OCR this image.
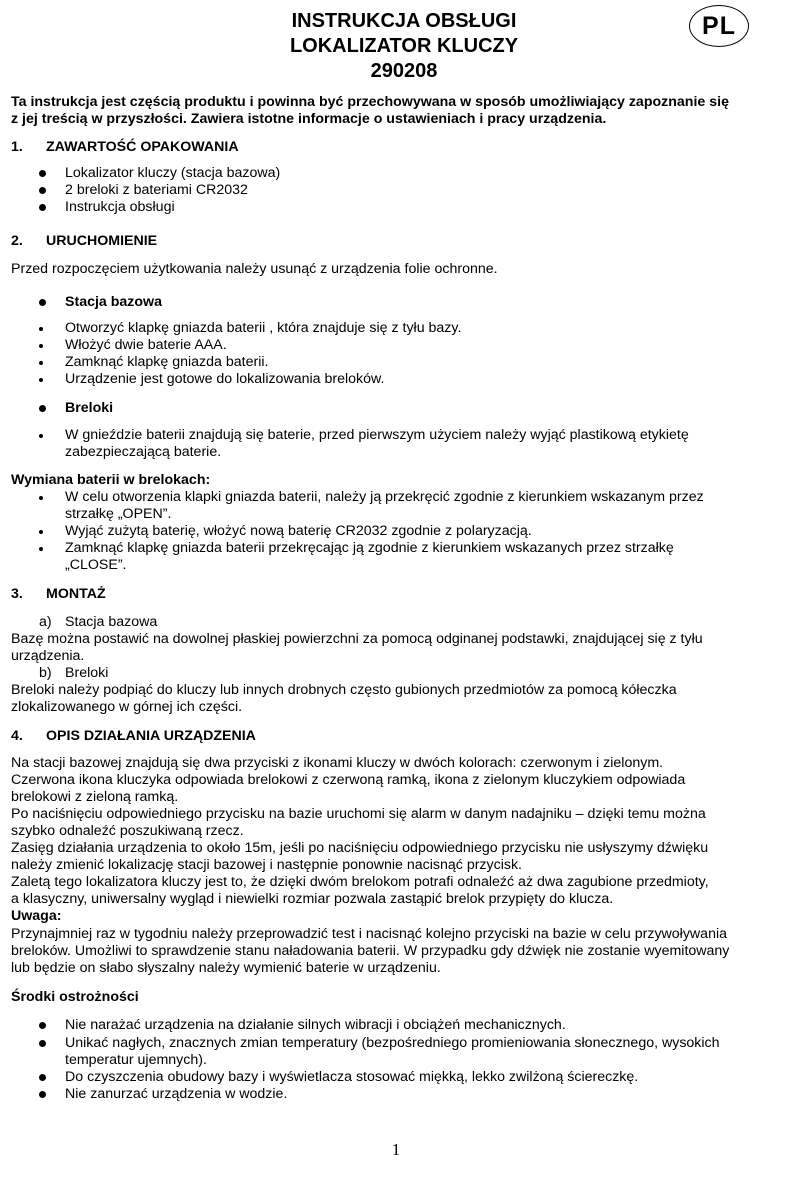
INSTRUKCJA OBSŁUGI
LOKALIZATOR KLUCZY
290208
PL
Ta instrukcja jest częścią produktu i powinna być przechowywana w sposób umożliwiający zapoznanie się
z jej treścią w przyszłości. Zawiera istotne informacje o ustawieniach i pracy urządzenia.
1. ZAWARTOŚĆ OPAKOWANIA
Lokalizator kluczy (stacja bazowa)
2 breloki z bateriami CR2032
Instrukcja obsługi
2. URUCHOMIENIE
Przed rozpoczęciem użytkowania należy usunąć z urządzenia folie ochronne.
Stacja bazowa
Otworzyć klapkę gniazda baterii , która znajduje się z tyłu bazy.
Włożyć dwie baterie AAA.
Zamknąć klapkę gniazda baterii.
Urządzenie jest gotowe do lokalizowania breloków.
Breloki
W gnieździe baterii znajdują się baterie, przed pierwszym użyciem należy wyjąć plastikową etykietę
zabezpieczającą baterie.
Wymiana baterii w brelokach:
W celu otworzenia klapki gniazda baterii, należy ją przekręcić zgodnie z kierunkiem wskazanym przez
strzałkę „OPEN”.
Wyjąć zużytą baterię, włożyć nową baterię CR2032 zgodnie z polaryzacją.
Zamknąć klapkę gniazda baterii przekręcając ją zgodnie z kierunkiem wskazanych przez strzałkę
„CLOSE”.
3. MONTAŻ
a) Stacja bazowa
Bazę można postawić na dowolnej płaskiej powierzchni za pomocą odginanej podstawki, znajdującej się z tyłu
urządzenia.
b) Breloki
Breloki należy podpiąć do kluczy lub innych drobnych często gubionych przedmiotów za pomocą kółeczka
zlokalizowanego w górnej ich części.
4. OPIS DZIAŁANIA URZĄDZENIA
Na stacji bazowej znajdują się dwa przyciski z ikonami kluczy w dwóch kolorach: czerwonym i zielonym.
Czerwona ikona kluczyka odpowiada brelokowi z czerwoną ramką, ikona z zielonym kluczykiem odpowiada
brelokowi z zieloną ramką.
Po naciśnięciu odpowiedniego przycisku na bazie uruchomi się alarm w danym nadajniku – dzięki temu można
szybko odnaleźć poszukiwaną rzecz.
Zasięg działania urządzenia to około 15m, jeśli po naciśnięciu odpowiedniego przycisku nie usłyszymy dźwięku
należy zmienić lokalizację stacji bazowej i następnie ponownie nacisnąć przycisk.
Zaletą tego lokalizatora kluczy jest to, że dzięki dwóm brelokom potrafi odnaleźć aż dwa zagubione przedmioty,
a klasyczny, uniwersalny wygląd i niewielki rozmiar pozwala zastąpić brelok przypięty do klucza.
Uwaga:
Przynajmniej raz w tygodniu należy przeprowadzić test i nacisnąć kolejno przyciski na bazie w celu przywoływania
breloków. Umożliwi to sprawdzenie stanu naładowania baterii. W przypadku gdy dźwięk nie zostanie wyemitowany
lub będzie on słabo słyszalny należy wymienić baterie w urządzeniu.
Środki ostrożności
Nie narażać urządzenia na działanie silnych wibracji i obciążeń mechanicznych.
Unikać nagłych, znacznych zmian temperatury (bezpośredniego promieniowania słonecznego, wysokich
temperatur ujemnych).
Do czyszczenia obudowy bazy i wyświetlacza stosować miękką, lekko zwilżoną ściereczkę.
Nie zanurzać urządzenia w wodzie.
1
